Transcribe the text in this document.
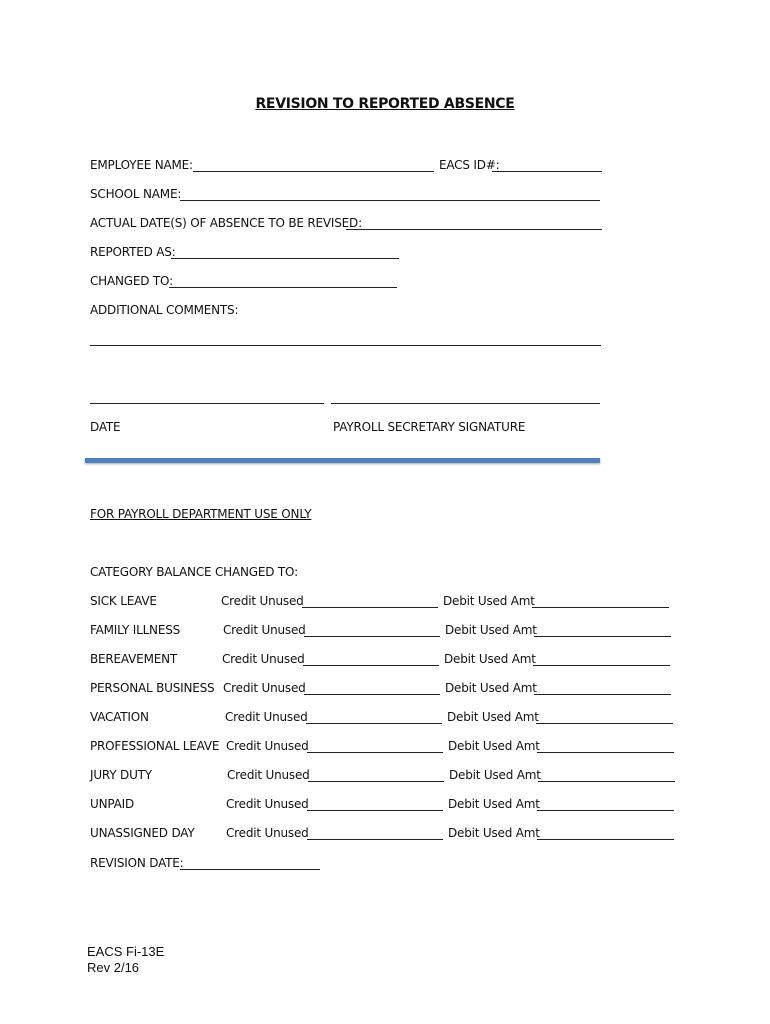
REVISION TO REPORTED ABSENCE
EMPLOYEE NAME:	EACS ID#:
SCHOOL NAME:
ACTUAL DATE(S) OF ABSENCE TO BE REVISED:
REPORTED AS:
CHANGED TO:
ADDITIONAL COMMENTS:
DATE	PAYROLL SECRETARY SIGNATURE
FOR PAYROLL DEPARTMENT USE ONLY
CATEGORY BALANCE CHANGED TO:
SICK LEAVE	Credit Unused	Debit Used Amt
FAMILY ILLNESS	Credit Unused	Debit Used Amt
BEREAVEMENT	Credit Unused	Debit Used Amt
PERSONAL BUSINESS Credit Unused	Debit Used Amt
VACATION	Credit Unused	Debit Used Amt
PROFESSIONAL LEAVE Credit Unused	Debit Used Amt
JURY DUTY	Credit Unused	Debit Used Amt
UNPAID	Credit Unused	Debit Used Amt
UNASSIGNED DAY	Credit Unused	Debit Used Amt
REVISION DATE:
EACS Fi-13E
Rev 2/16
